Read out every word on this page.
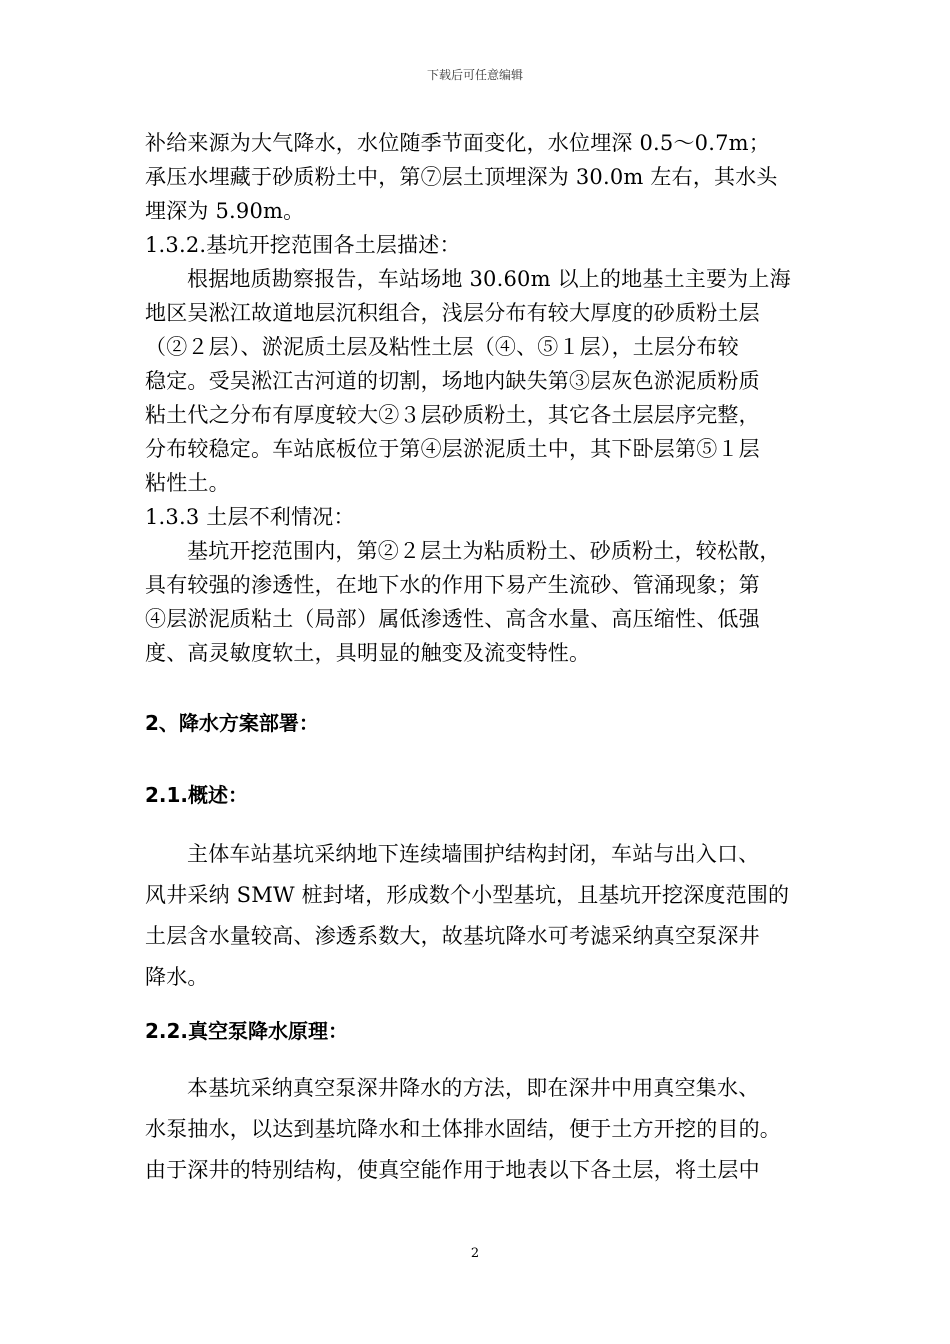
下载后可任意编辑
补给来源为大气降水，水位随季节面变化，水位埋深 0.5～0.7m；
承压水埋藏于砂质粉土中，第⑦层土顶埋深为 30.0m 左右，其水头
埋深为 5.90m。
1.3.2.基坑开挖范围各土层描述：
根据地质勘察报告，车站场地 30.60m 以上的地基土主要为上海
地区吴淞江故道地层沉积组合，浅层分布有较大厚度的砂质粉土层
（②２层）、淤泥质土层及粘性土层（④、⑤１层），土层分布较
稳定。受吴淞江古河道的切割，场地内缺失第③层灰色淤泥质粉质
粘土代之分布有厚度较大②３层砂质粉土，其它各土层层序完整，
分布较稳定。车站底板位于第④层淤泥质土中，其下卧层第⑤１层
粘性土。
1.3.3 土层不利情况：
基坑开挖范围内，第②２层土为粘质粉土、砂质粉土，较松散，
具有较强的渗透性，在地下水的作用下易产生流砂、管涌现象；第
④层淤泥质粘土（局部）属低渗透性、高含水量、高压缩性、低强
度、高灵敏度软土，具明显的触变及流变特性。
2、降水方案部署：
2.1.概述：
主体车站基坑采纳地下连续墙围护结构封闭，车站与出入口、
风井采纳 SMW 桩封堵，形成数个小型基坑，且基坑开挖深度范围的
土层含水量较高、渗透系数大，故基坑降水可考滤采纳真空泵深井
降水。
2.2.真空泵降水原理：
本基坑采纳真空泵深井降水的方法，即在深井中用真空集水、
水泵抽水，以达到基坑降水和土体排水固结，便于土方开挖的目的。
由于深井的特别结构，使真空能作用于地表以下各土层，将土层中
2
